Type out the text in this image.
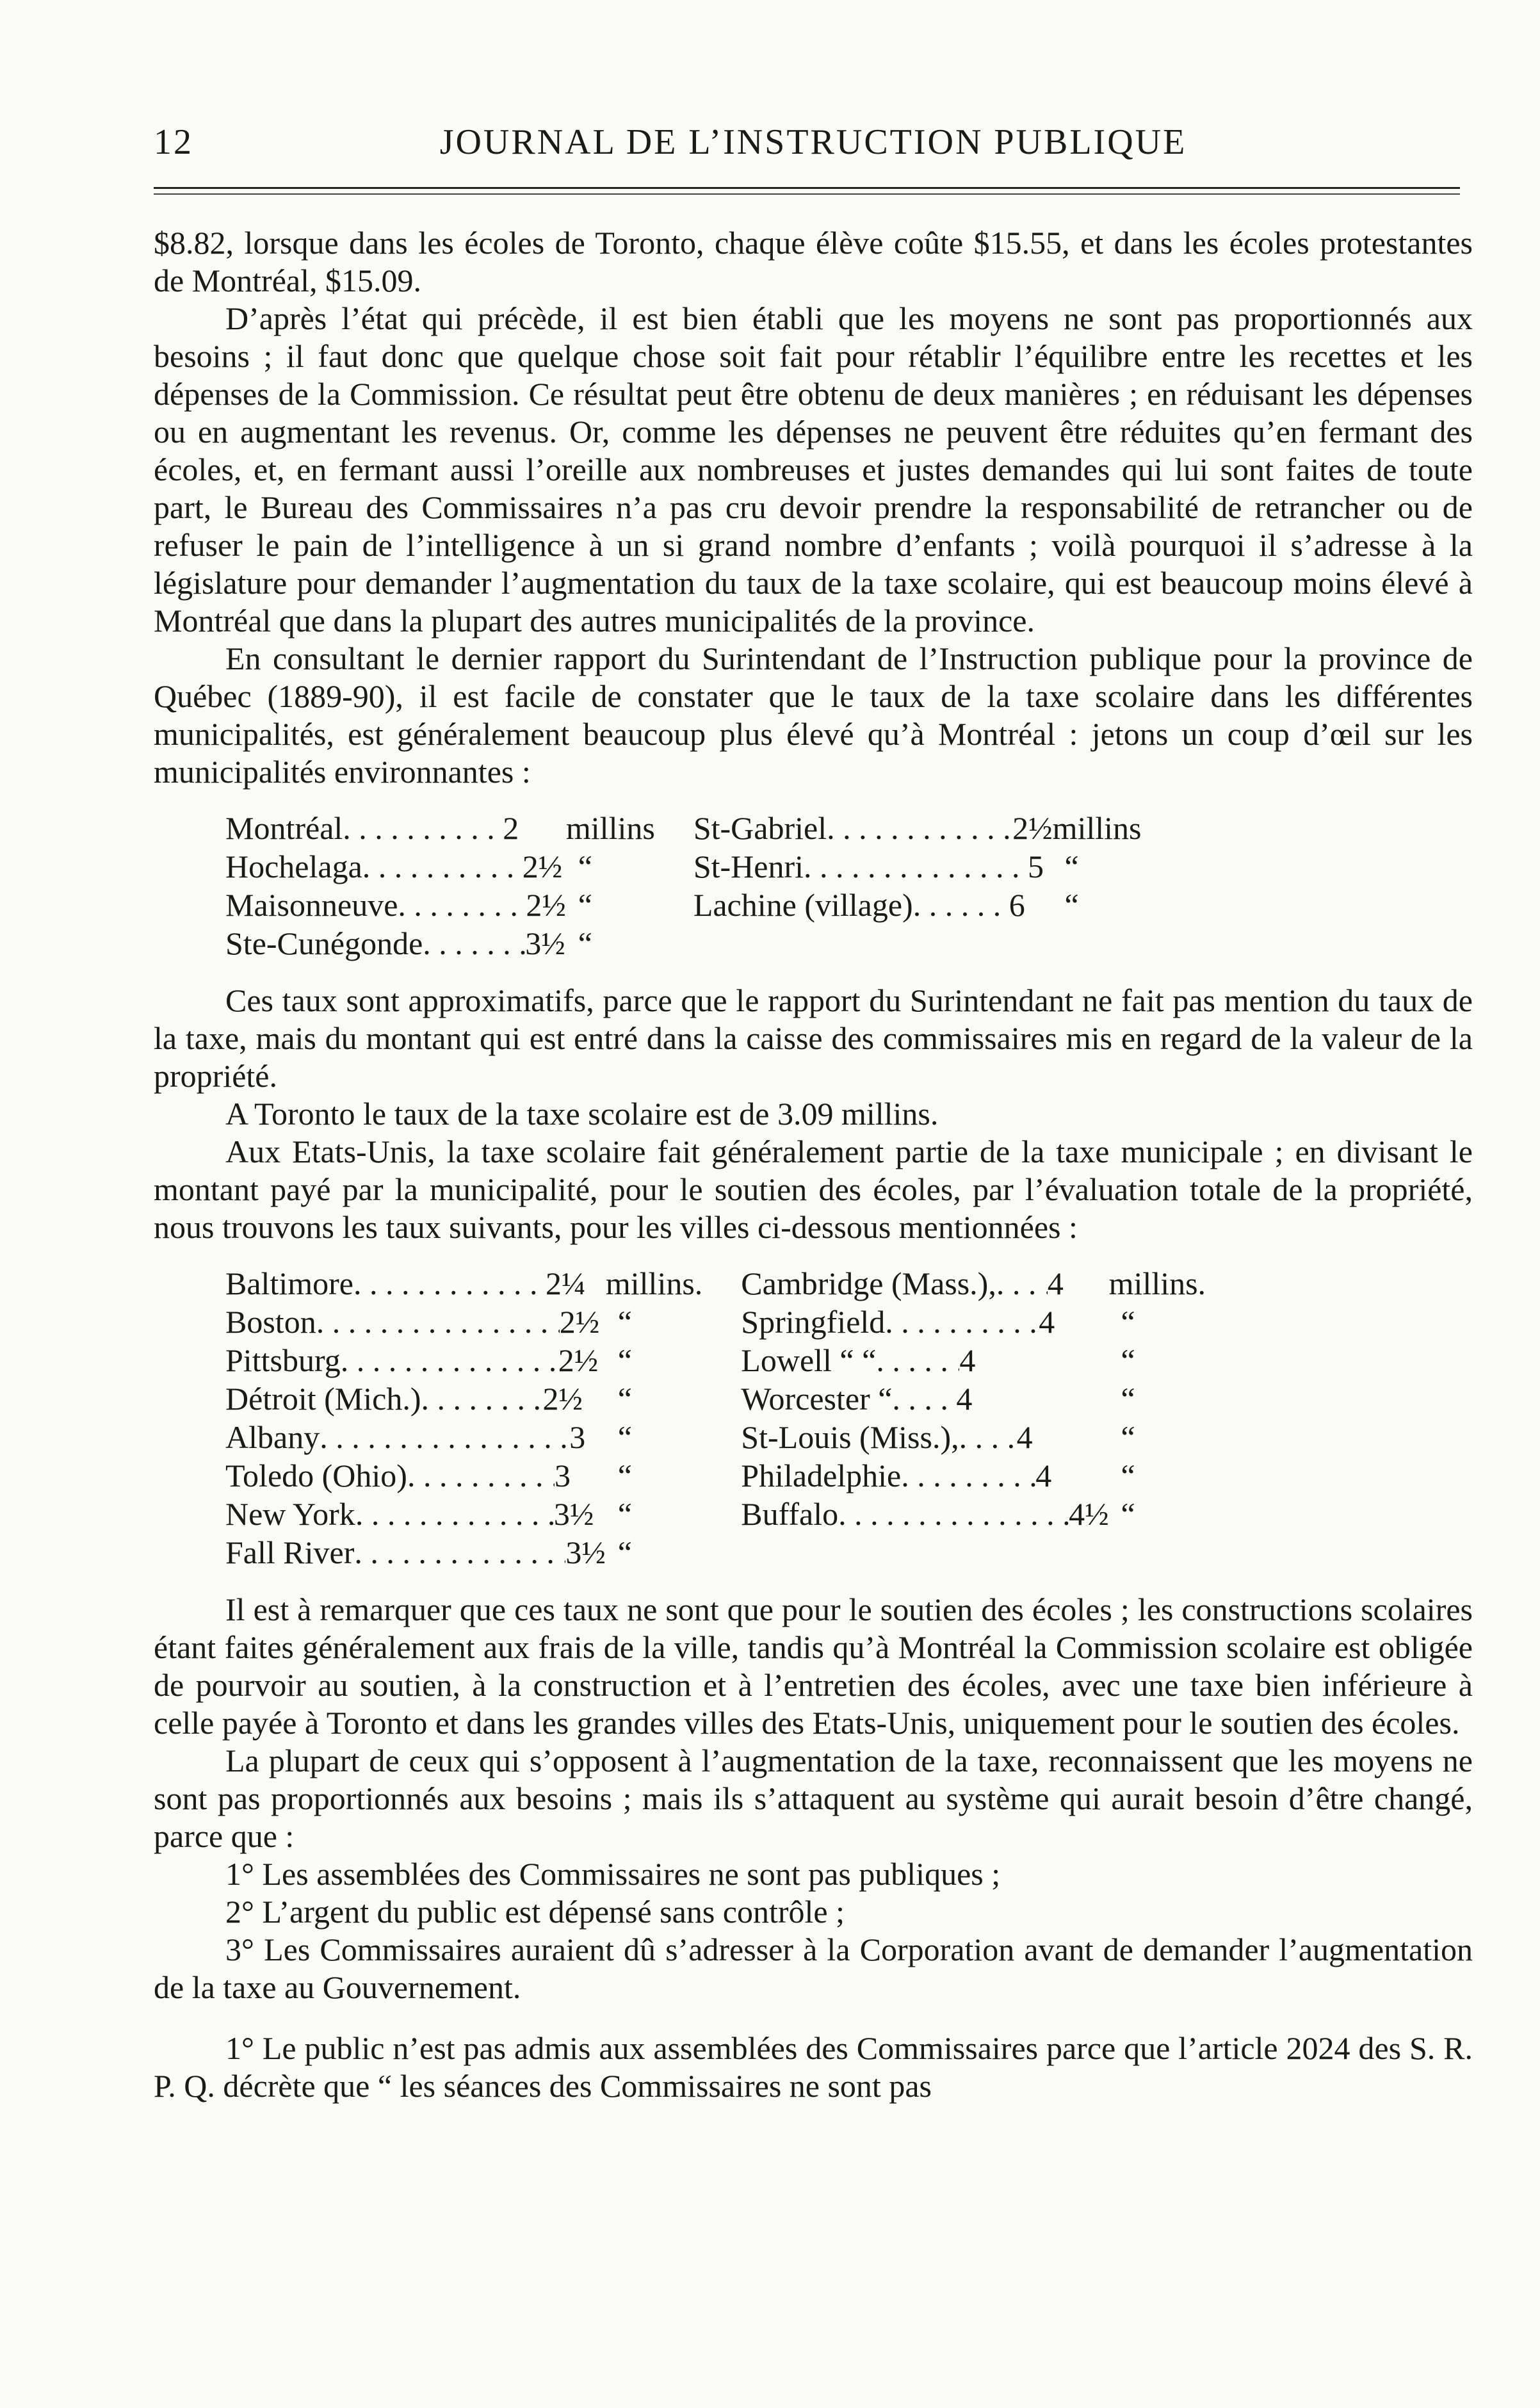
12	JOURNAL DE L’INSTRUCTION PUBLIQUE

$8.82, lorsque dans les écoles de Toronto, chaque élève coûte $15.55, et dans les écoles protestantes de Montréal, $15.09.

D’après l’état qui précède, il est bien établi que les moyens ne sont pas proportionnés aux besoins ; il faut donc que quelque chose soit fait pour rétablir l’équilibre entre les recettes et les dépenses de la Commission. Ce résultat peut être obtenu de deux manières ; en réduisant les dépenses ou en augmentant les revenus. Or, comme les dépenses ne peuvent être réduites qu’en fermant des écoles, et, en fermant aussi l’oreille aux nombreuses et justes demandes qui lui sont faites de toute part, le Bureau des Commissaires n’a pas cru devoir prendre la responsabilité de retrancher ou de refuser le pain de l’intelligence à un si grand nombre d’enfants ; voilà pourquoi il s’adresse à la législature pour demander l’augmentation du taux de la taxe scolaire, qui est beaucoup moins élevé à Montréal que dans la plupart des autres municipalités de la province.

En consultant le dernier rapport du Surintendant de l’Instruction publique pour la province de Québec (1889-90), il est facile de constater que le taux de la taxe scolaire dans les différentes municipalités, est généralement beaucoup plus élevé qu’à Montréal : jetons un coup d’œil sur les municipalités environnantes :

Montréal . . . 2	millins		St-Gabriel . . . 2½	millins

Hochelaga . . . 2½	“		St-Henri . . . 5	“

Maisonneuve . . . 2½	“		Lachine (village) . . . 6	“

Ste-Cunégonde . . . 3½	“			

Ces taux sont approximatifs, parce que le rapport du Surintendant ne fait pas mention du taux de la taxe, mais du montant qui est entré dans la caisse des commissaires mis en regard de la valeur de la propriété.

A Toronto le taux de la taxe scolaire est de 3.09 millins.

Aux Etats-Unis, la taxe scolaire fait généralement partie de la taxe municipale ; en divisant le montant payé par la municipalité, pour le soutien des écoles, par l’évaluation totale de la propriété, nous trouvons les taux suivants, pour les villes ci-dessous mentionnées :

Baltimore . . . 2¼	millins.		Cambridge (Mass.), . . . 4	millins.

Boston . . . 2½	“		Springfield . . . 4	“

Pittsburg . . . 2½	“		Lowell “ “ . . . 4	“

Détroit (Mich.) . . . 2½	“		Worcester “ . . . 4	“

Albany . . . 3	“		St-Louis (Miss.), . . . 4	“

Toledo (Ohio) . . . 3	“		Philadelphie . . . 4	“

New York . . . 3½	“		Buffalo . . . 4½	“

Fall River . . . 3½	“			

Il est à remarquer que ces taux ne sont que pour le soutien des écoles ; les constructions scolaires étant faites généralement aux frais de la ville, tandis qu’à Montréal la Commission scolaire est obligée de pourvoir au soutien, à la construction et à l’entretien des écoles, avec une taxe bien inférieure à celle payée à Toronto et dans les grandes villes des Etats-Unis, uniquement pour le soutien des écoles.

La plupart de ceux qui s’opposent à l’augmentation de la taxe, reconnaissent que les moyens ne sont pas proportionnés aux besoins ; mais ils s’attaquent au système qui aurait besoin d’être changé, parce que :

1° Les assemblées des Commissaires ne sont pas publiques ;

2° L’argent du public est dépensé sans contrôle ;

3° Les Commissaires auraient dû s’adresser à la Corporation avant de demander l’augmentation de la taxe au Gouvernement.

1° Le public n’est pas admis aux assemblées des Commissaires parce que l’article 2024 des S. R. P. Q. décrète que “ les séances des Commissaires ne sont pas
